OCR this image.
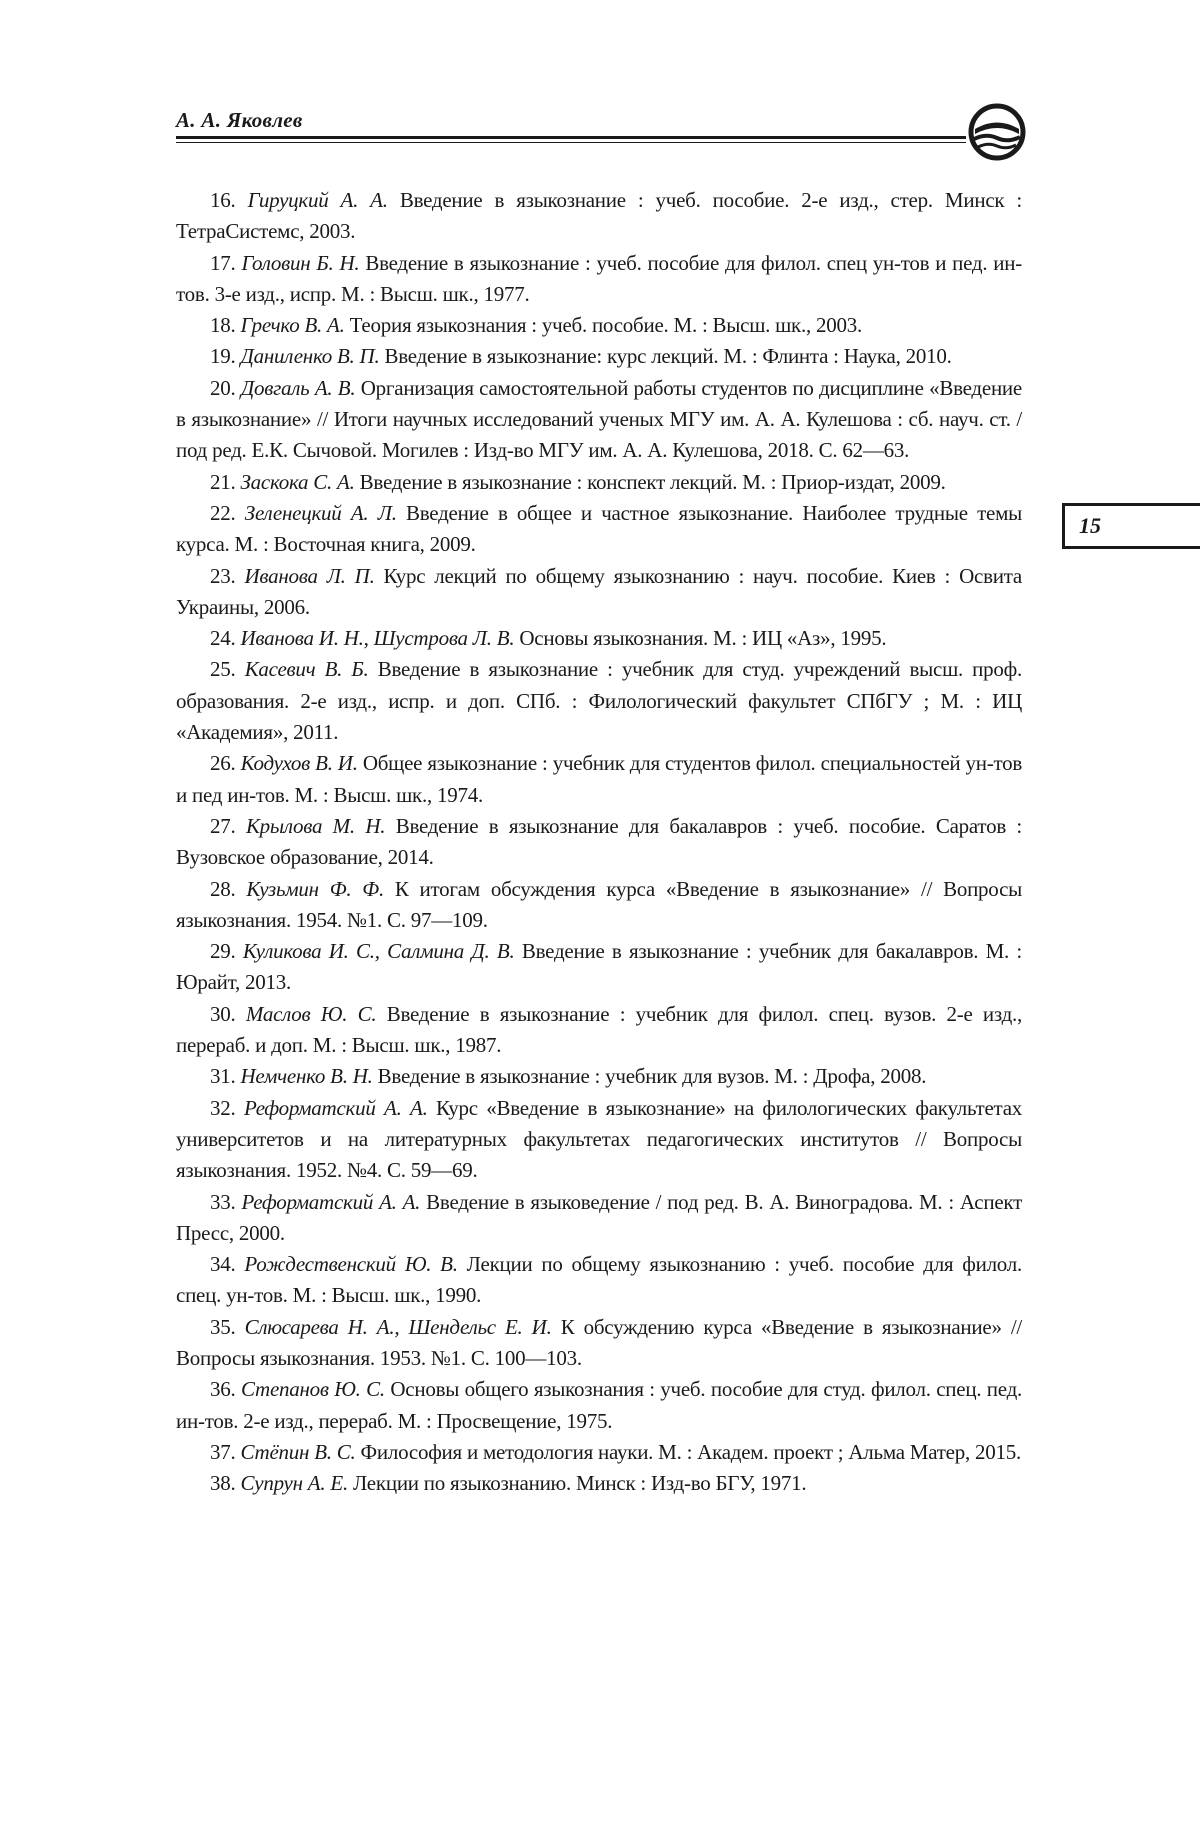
А. А. Яковлев
15
16. Гируцкий А. А. Введение в языкознание : учеб. пособие. 2-е изд., стер. Минск : ТетраСистемс, 2003.
17. Головин Б. Н. Введение в языкознание : учеб. пособие для филол. спец ун-тов и пед. ин-тов. 3-е изд., испр. М. : Высш. шк., 1977.
18. Гречко В. А. Теория языкознания : учеб. пособие. М. : Высш. шк., 2003.
19. Даниленко В. П. Введение в языкознание: курс лекций. М. : Флинта : Наука, 2010.
20. Довгаль А. В. Организация самостоятельной работы студентов по дисциплине «Введение в языкознание» // Итоги научных исследований ученых МГУ им. А. А. Кулешова : сб. науч. ст. / под ред. Е.К. Сычовой. Могилев : Изд-во МГУ им. А. А. Кулешова, 2018. С. 62—63.
21. Заскока С. А. Введение в языкознание : конспект лекций. М. : Приор-издат, 2009.
22. Зеленецкий А. Л. Введение в общее и частное языкознание. Наиболее трудные темы курса. М. : Восточная книга, 2009.
23. Иванова Л. П. Курс лекций по общему языкознанию : науч. пособие. Киев : Освита Украины, 2006.
24. Иванова И. Н., Шустрова Л. В. Основы языкознания. М. : ИЦ «Аз», 1995.
25. Касевич В. Б. Введение в языкознание : учебник для студ. учреждений высш. проф. образования. 2-е изд., испр. и доп. СПб. : Филологический факультет СПбГУ ; М. : ИЦ «Академия», 2011.
26. Кодухов В. И. Общее языкознание : учебник для студентов филол. специальностей ун-тов и пед ин-тов. М. : Высш. шк., 1974.
27. Крылова М. Н. Введение в языкознание для бакалавров : учеб. пособие. Саратов : Вузовское образование, 2014.
28. Кузьмин Ф. Ф. К итогам обсуждения курса «Введение в языкознание» // Вопросы языкознания. 1954. №1. С. 97—109.
29. Куликова И. С., Салмина Д. В. Введение в языкознание : учебник для бакалавров. М. : Юрайт, 2013.
30. Маслов Ю. С. Введение в языкознание : учебник для филол. спец. вузов. 2-е изд., перераб. и доп. М. : Высш. шк., 1987.
31. Немченко В. Н. Введение в языкознание : учебник для вузов. М. : Дрофа, 2008.
32. Реформатский А. А. Курс «Введение в языкознание» на филологических факультетах университетов и на литературных факультетах педагогических институтов // Вопросы языкознания. 1952. №4. С. 59—69.
33. Реформатский А. А. Введение в языковедение / под ред. В. А. Виноградова. М. : Аспект Пресс, 2000.
34. Рождественский Ю. В. Лекции по общему языкознанию : учеб. пособие для филол. спец. ун-тов. М. : Высш. шк., 1990.
35. Слюсарева Н. А., Шендельс Е. И. К обсуждению курса «Введение в языкознание» // Вопросы языкознания. 1953. №1. С. 100—103.
36. Степанов Ю. С. Основы общего языкознания : учеб. пособие для студ. филол. спец. пед. ин-тов. 2-е изд., перераб. М. : Просвещение, 1975.
37. Стёпин В. С. Философия и методология науки. М. : Академ. проект ; Альма Матер, 2015.
38. Супрун А. Е. Лекции по языкознанию. Минск : Изд-во БГУ, 1971.
